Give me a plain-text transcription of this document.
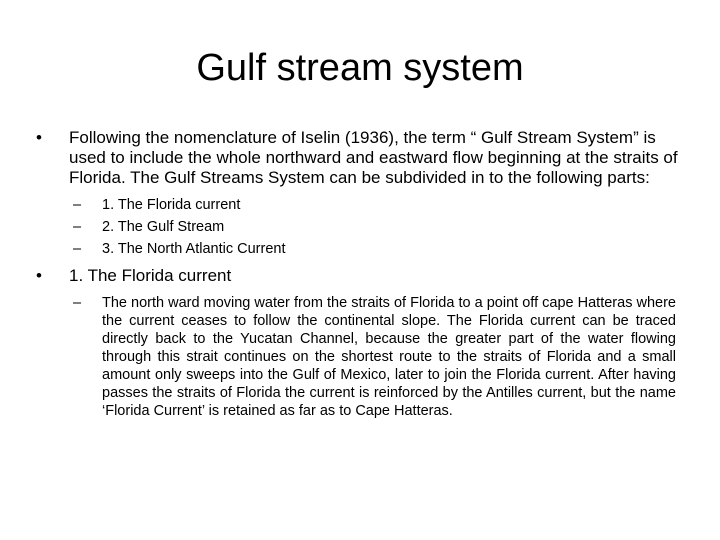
Gulf stream system
• Following the nomenclature of Iselin (1936), the term “ Gulf Stream System” is used to include the whole northward and eastward flow beginning at the straits of Florida. The Gulf Streams System can be subdivided in to the following parts:
– 1. The Florida current
– 2. The Gulf Stream
– 3. The North Atlantic Current
• 1. The Florida current
– The north ward moving water from the straits of Florida to a point off cape Hatteras where the current ceases to follow the continental slope. The Florida current can be traced directly back to the Yucatan Channel, because the greater part of the water flowing through this strait continues on the shortest route to the straits of Florida and a small amount only sweeps into the Gulf of Mexico, later to join the Florida current. After having passes the straits of Florida the current is reinforced by the Antilles current, but the name ‘Florida Current’ is retained as far as to Cape Hatteras.
